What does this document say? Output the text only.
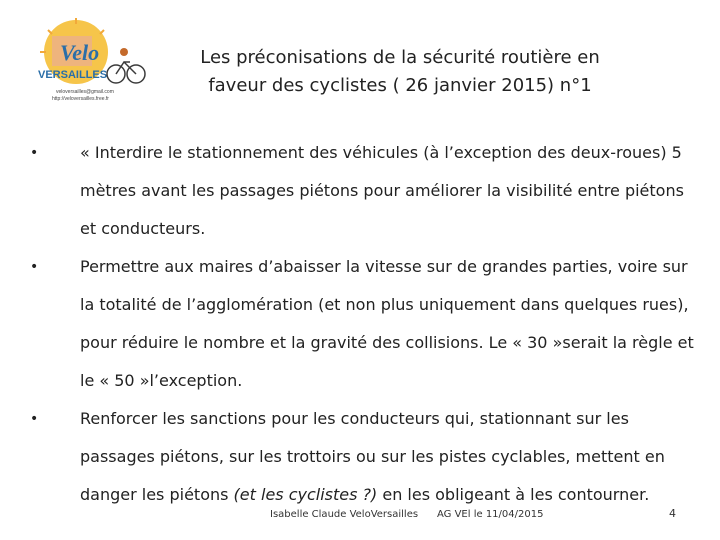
Velo
VERSAILLES
veloversailles@gmail.com
http://veloversailles.free.fr
Les préconisations de la sécurité routière en
faveur des cyclistes ( 26 janvier 2015) n°1
•	« Interdire le stationnement des véhicules (à l’exception des deux-roues) 5 mètres avant les passages piétons pour améliorer la visibilité entre piétons et conducteurs.
•	Permettre aux maires d’abaisser la vitesse sur de grandes parties, voire sur la totalité de l’agglomération (et non plus uniquement dans quelques rues), pour réduire le nombre et la gravité des collisions. Le « 30 »serait la règle et le « 50 »l’exception.
•	Renforcer les sanctions pour les conducteurs qui, stationnant sur les passages piétons, sur les trottoirs ou sur les pistes cyclables, mettent en danger les piétons (et les cyclistes ?) en les obligeant à les contourner.
Isabelle Claude VeloVersailles AG VEl le 11/04/2015	4
